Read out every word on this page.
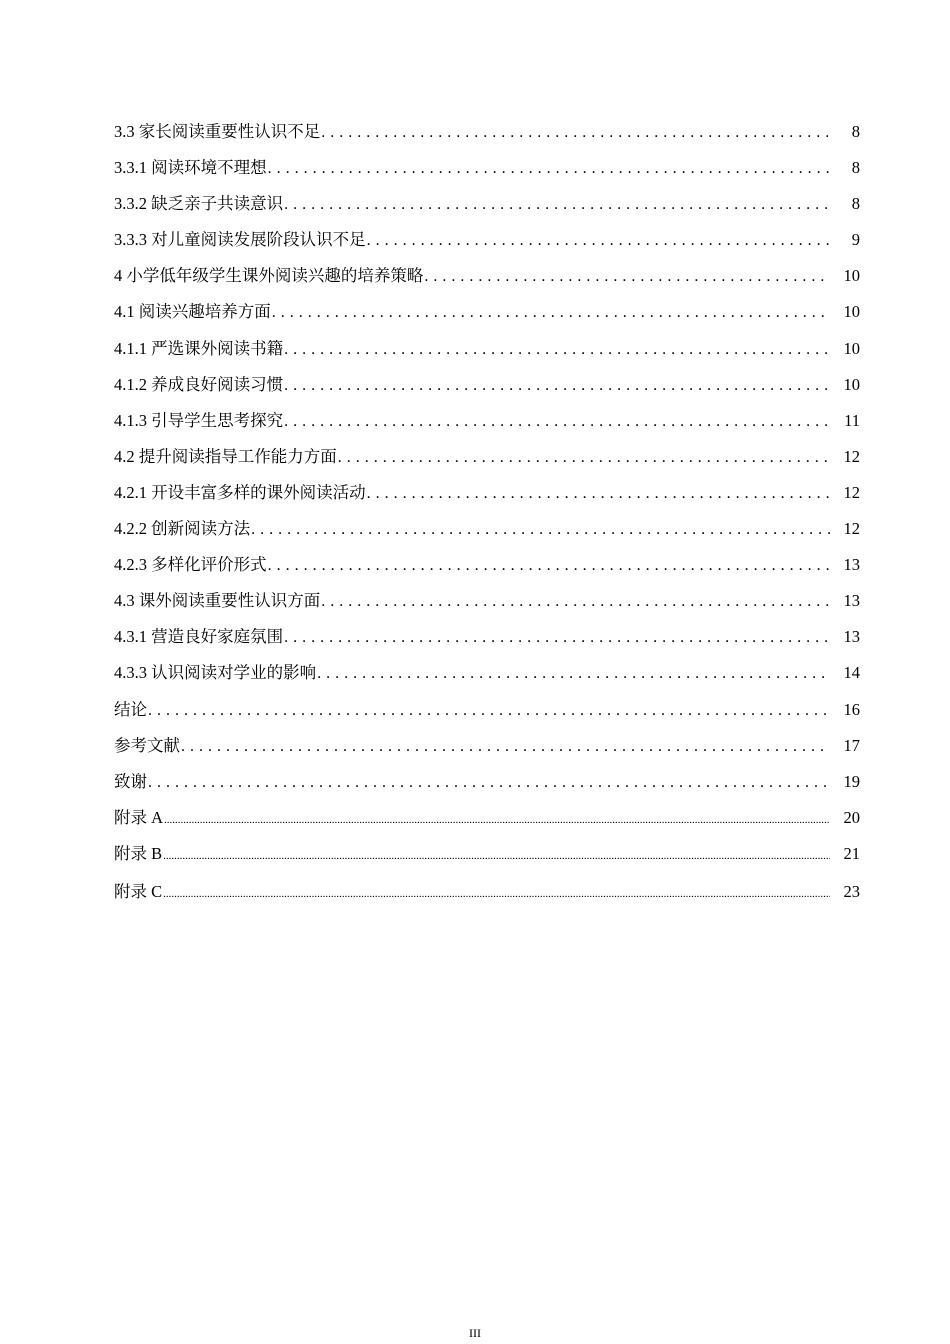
3.3 家长阅读重要性认识不足 . . .	8
3.3.1 阅读环境不理想 . . .	8
3.3.2 缺乏亲子共读意识 . . .	8
3.3.3 对儿童阅读发展阶段认识不足 . . .	9
4 小学低年级学生课外阅读兴趣的培养策略 . . .	10
4.1 阅读兴趣培养方面 . . .	10
4.1.1 严选课外阅读书籍 . . .	10
4.1.2 养成良好阅读习惯 . . .	10
4.1.3 引导学生思考探究 . . .	11
4.2 提升阅读指导工作能力方面 . . .	12
4.2.1 开设丰富多样的课外阅读活动 . . .	12
4.2.2 创新阅读方法 . . .	12
4.2.3 多样化评价形式 . . .	13
4.3 课外阅读重要性认识方面 . . .	13
4.3.1 营造良好家庭氛围 . . .	13
4.3.3 认识阅读对学业的影响 . . .	14
结论 . . .	16
参考文献 . . .	17
致谢 . . .	19
附录 A .....	20
附录 B .....	21
附录 C .....	23
III
